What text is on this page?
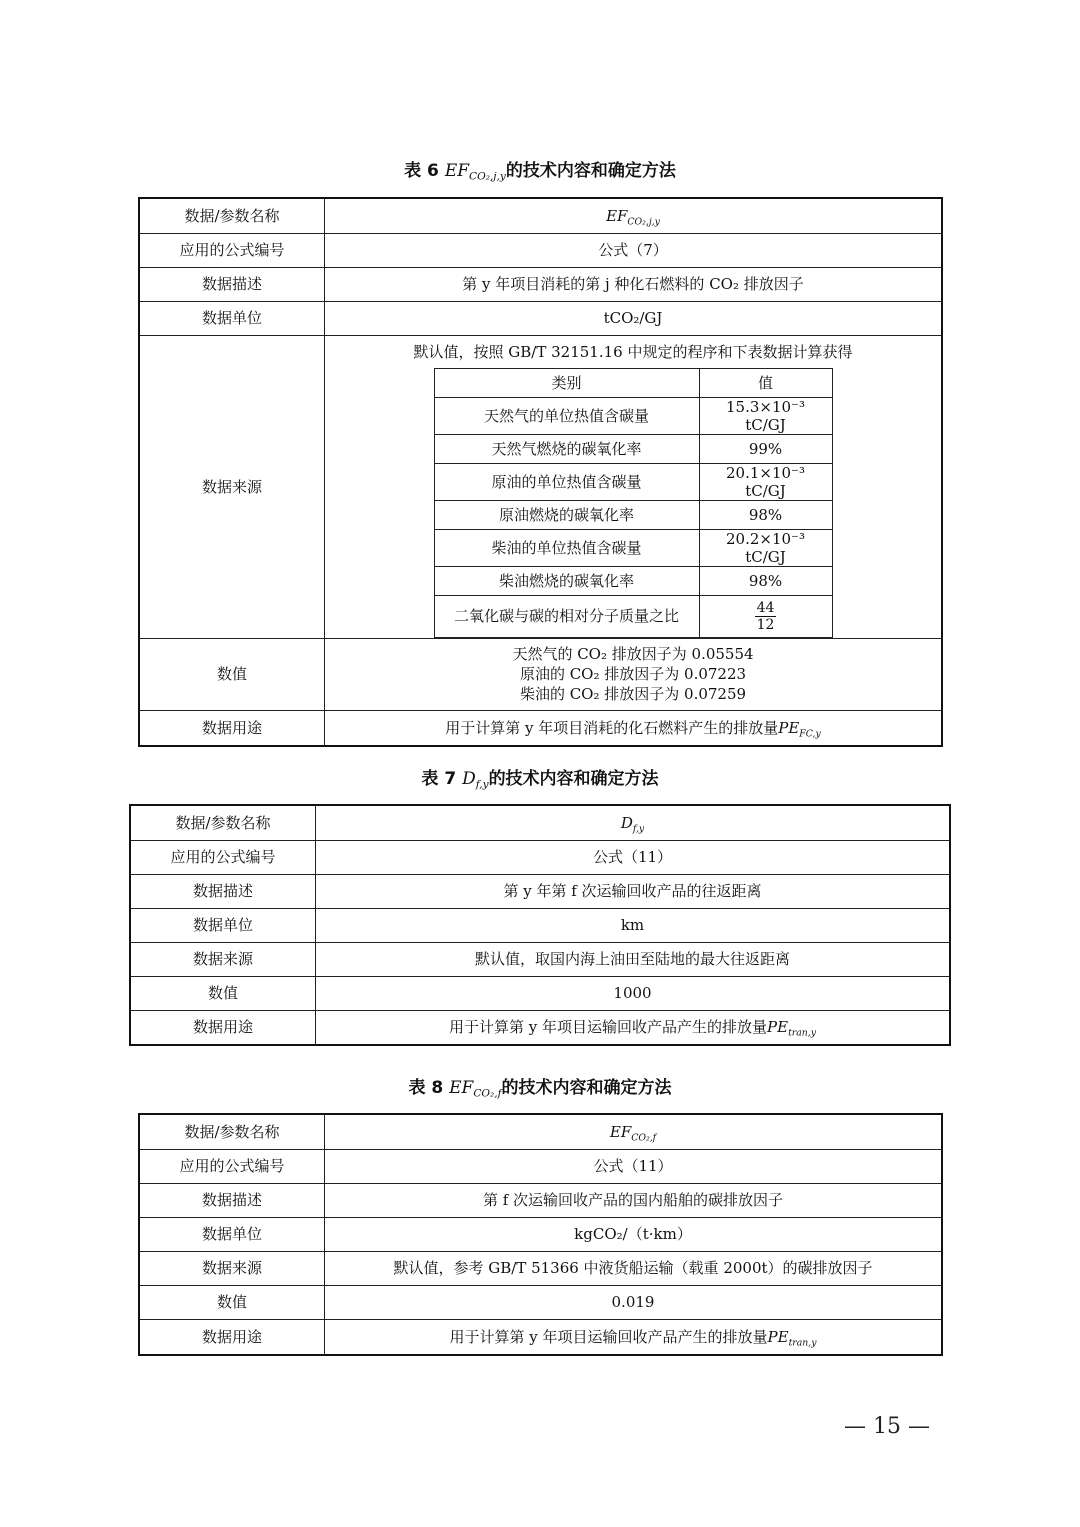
表 6 $EF_{CO_2,j,y}$的技术内容和确定方法
数据/参数名称	$EF_{CO_2,j,y}$
应用的公式编号	公式（7）
数据描述	第 y 年项目消耗的第 j 种化石燃料的 CO₂ 排放因子
数据单位	tCO₂/GJ
数据来源	
默认值，按照 GB/T 32151.16 中规定的程序和下表数据计算获得
类别	值
天然气的单位热值含碳量	15.3×10⁻³ tC/GJ
天然气燃烧的碳氧化率	99%
原油的单位热值含碳量	20.1×10⁻³ tC/GJ
原油燃烧的碳氧化率	98%
柴油的单位热值含碳量	20.2×10⁻³ tC/GJ
柴油燃烧的碳氧化率	98%
二氧化碳与碳的相对分子质量之比	$\frac{44}{12}$

数值	
天然气的 CO₂ 排放因子为 0.05554
原油的 CO₂ 排放因子为 0.07223
柴油的 CO₂ 排放因子为 0.07259

数据用途	用于计算第 y 年项目消耗的化石燃料产生的排放量$PE_{FC,y}$
表 7 $D_{f,y}$的技术内容和确定方法
数据/参数名称	$D_{f,y}$
应用的公式编号	公式（11）
数据描述	第 y 年第 f 次运输回收产品的往返距离
数据单位	km
数据来源	默认值，取国内海上油田至陆地的最大往返距离
数值	1000
数据用途	用于计算第 y 年项目运输回收产品产生的排放量$PE_{tran,y}$
表 8 $EF_{CO_2,f}$的技术内容和确定方法
数据/参数名称	$EF_{CO_2,f}$
应用的公式编号	公式（11）
数据描述	第 f 次运输回收产品的国内船舶的碳排放因子
数据单位	kgCO₂/（t·km）
数据来源	默认值，参考 GB/T 51366 中液货船运输（载重 2000t）的碳排放因子
数值	0.019
数据用途	用于计算第 y 年项目运输回收产品产生的排放量$PE_{tran,y}$
— 15 —
